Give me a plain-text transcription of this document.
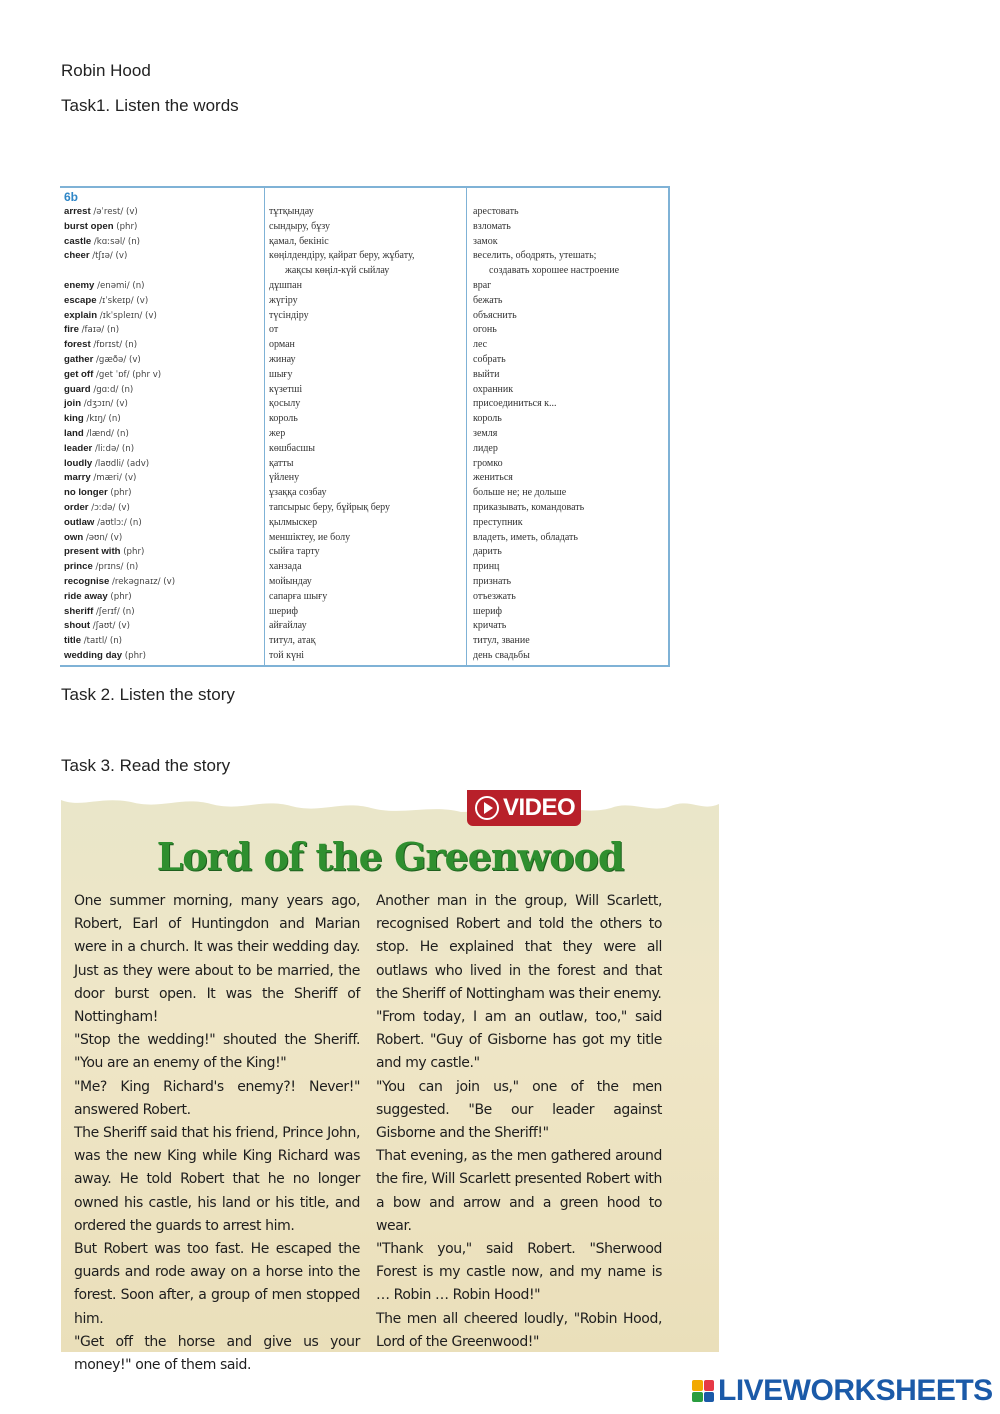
Robin Hood
Task1. Listen the words
6b
arrest /əˈrest/ (v)
burst open (phr)
castle /kɑːsəl/ (n)
cheer /tʃɪə/ (v)
enemy /enəmi/ (n)
escape /ɪˈskeɪp/ (v)
explain /ɪkˈspleɪn/ (v)
fire /faɪə/ (n)
forest /fɒrɪst/ (n)
gather /gæðə/ (v)
get off /get ˈɒf/ (phr v)
guard /gɑːd/ (n)
join /dʒɔɪn/ (v)
king /kɪŋ/ (n)
land /lænd/ (n)
leader /liːdə/ (n)
loudly /laʊdli/ (adv)
marry /mæri/ (v)
no longer (phr)
order /ɔːdə/ (v)
outlaw /aʊtlɔː/ (n)
own /əʊn/ (v)
present with (phr)
prince /prɪns/ (n)
recognise /rekəgnaɪz/ (v)
ride away (phr)
sheriff /ʃerɪf/ (n)
shout /ʃaʊt/ (v)
title /taɪtl/ (n)
wedding day (phr)
тұтқындау
сындыру, бұзу
қамал, бекініс
көңілдендіру, қайрат беру, жұбату,
жақсы көңіл-күй сыйлау
дұшпан
жүгіру
түсіндіру
от
орман
жинау
шығу
күзетші
қосылу
король
жер
көшбасшы
қатты
үйлену
ұзаққа созбау
тапсырыс беру, бұйрық беру
қылмыскер
меншіктеу, ие болу
сыйға тарту
ханзада
мойындау
сапарға шығу
шериф
айғайлау
титул, атақ
той күні
арестовать
взломать
замок
веселить, ободрять, утешать;
создавать хорошее настроение
враг
бежать
объяснить
огонь
лес
собрать
выйти
охранник
присоединиться к...
король
земля
лидер
громко
жениться
больше не; не дольше
приказывать, командовать
преступник
владеть, иметь, обладать
дарить
принц
признать
отъезжать
шериф
кричать
титул, звание
день свадьбы
Task 2. Listen the story
Task 3. Read the story
VIDEO
Lord of the Greenwood

One summer morning, many years ago, Robert, Earl of Huntingdon and Marian were in a church. It was their wedding day. Just as they were about to be married, the door burst open. It was the Sheriff of Nottingham!

"Stop the wedding!" shouted the Sheriff. "You are an enemy of the King!"

"Me? King Richard's enemy?! Never!" answered Robert.

The Sheriff said that his friend, Prince John, was the new King while King Richard was away. He told Robert that he no longer owned his castle, his land or his title, and ordered the guards to arrest him.

But Robert was too fast. He escaped the guards and rode away on a horse into the forest. Soon after, a group of men stopped him.

"Get off the horse and give us your money!" one of them said.

Another man in the group, Will Scarlett, recognised Robert and told the others to stop. He explained that they were all outlaws who lived in the forest and that the Sheriff of Nottingham was their enemy.

"From today, I am an outlaw, too," said Robert. "Guy of Gisborne has got my title and my castle."

"You can join us," one of the men suggested. "Be our leader against Gisborne and the Sheriff!"

That evening, as the men gathered around the fire, Will Scarlett presented Robert with a bow and arrow and a green hood to wear.

"Thank you," said Robert. "Sherwood Forest is my castle now, and my name is … Robin … Robin Hood!"

The men all cheered loudly, "Robin Hood, Lord of the Greenwood!"

LIVEWORKSHEETS
